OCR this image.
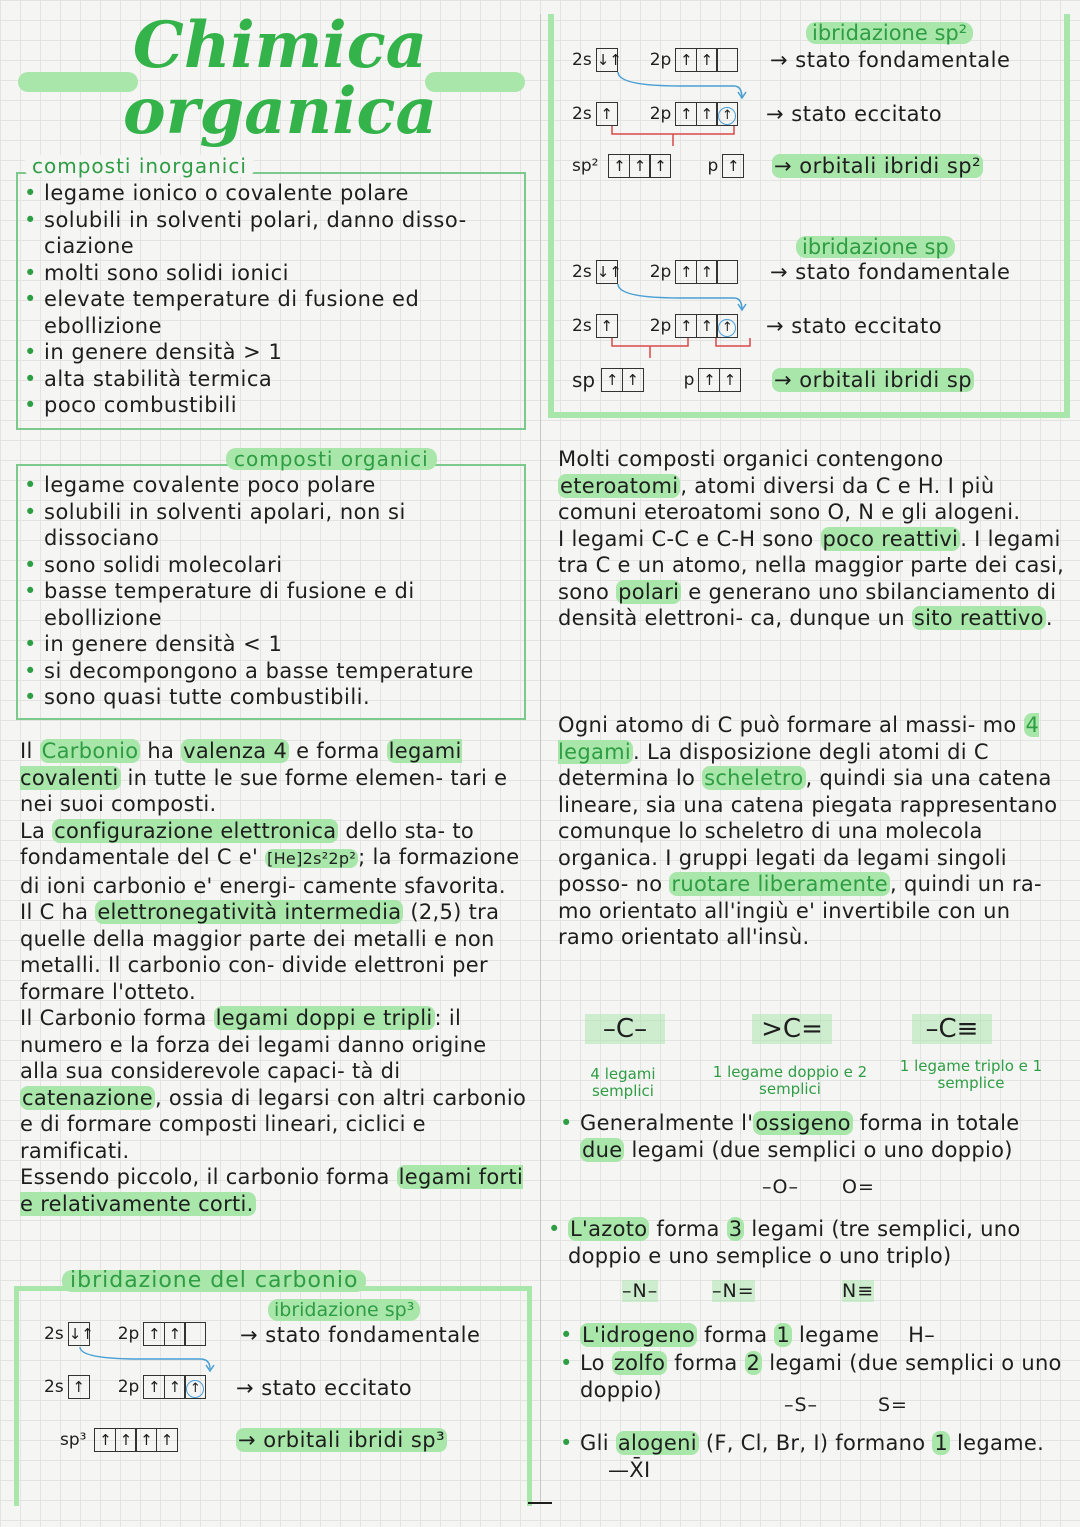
Chimica
organica
• legame ionico o covalente polare
• solubili in solventi polari, danno disso- ciazione
• molti sono solidi ionici
• elevate temperature di fusione ed ebollizione
• in genere densità > 1
• alta stabilità termica
• poco combustibili
composti inorganici
• legame covalente poco polare
• solubili in solventi apolari, non si dissociano
• sono solidi molecolari
• basse temperature di fusione e di ebollizione
• in genere densità < 1
• si decompongono a basse temperature
• sono quasi tutte combustibili.
composti organici
Il Carbonio ha valenza 4 e forma legami covalenti in tutte le sue forme elemen- tari e nei suoi composti.
La configurazione elettronica dello sta- to fondamentale del C e' [He]2s²2p²; la formazione di ioni carbonio e' energi- camente sfavorita.
Il C ha elettronegatività intermedia (2,5) tra quelle della maggior parte dei metalli e non metalli. Il carbonio con- divide elettroni per formare l'otteto.
Il Carbonio forma legami doppi e tripli: il numero e la forza dei legami danno origine alla sua considerevole capaci- tà di catenazione, ossia di legarsi con altri carbonio e di formare composti lineari, ciclici e ramificati.
Essendo piccolo, il carbonio forma legami forti e relativamente corti.
ibridazione del carbonio
ibridazione sp³
2s ↓↑ 2p ↑ ↑	→ stato fondamentale
2s ↑ 2p ↑ ↑ ↑ → stato eccitato
sp³ ↑ ↑ ↑ ↑	→ orbitali ibridi sp³
ibridazione sp²
2s ↓↑ 2p ↑ ↑	→ stato fondamentale
2s ↑ 2p ↑ ↑ ↑ → stato eccitato
sp² ↑ ↑ ↑ p ↑ → orbitali ibridi sp²
ibridazione sp
2s ↓↑ 2p ↑ ↑	→ stato fondamentale
2s ↑ 2p ↑ ↑ ↑ → stato eccitato
sp ↑ ↑	p ↑ ↑ → orbitali ibridi sp
Molti composti organici contengono eteroatomi, atomi diversi da C e H. I più comuni eteroatomi sono O, N e gli alogeni.
I legami C-C e C-H sono poco reattivi. I legami tra C e un atomo, nella maggior parte dei casi, sono polari e generano uno sbilanciamento di densità elettroni- ca, dunque un sito reattivo.
Ogni atomo di C può formare al massi- mo 4 legami. La disposizione degli atomi di C determina lo scheletro, quindi sia una catena lineare, sia una catena piegata rappresentano comunque lo scheletro di una molecola organica. I gruppi legati da legami singoli posso- no ruotare liberamente, quindi un ra- mo orientato all'ingiù e' invertibile con un ramo orientato all'insù.
–C–
4 legami semplici
>C=
1 legame doppio e 2 semplici
–C≡
1 legame triplo e 1 semplice
• Generalmente l'ossigeno forma in totale due legami (due semplici o uno doppio)
–O– O=
• L'azoto forma 3 legami (tre semplici, uno doppio e uno semplice o uno triplo)
–N–	–N=	N≡
• L'idrogeno forma 1 legame H–
• Lo zolfo forma 2 legami (due semplici o uno doppio)
–S–	S=
• Gli alogeni (F, Cl, Br, I) formano 1 legame. —X̄I
